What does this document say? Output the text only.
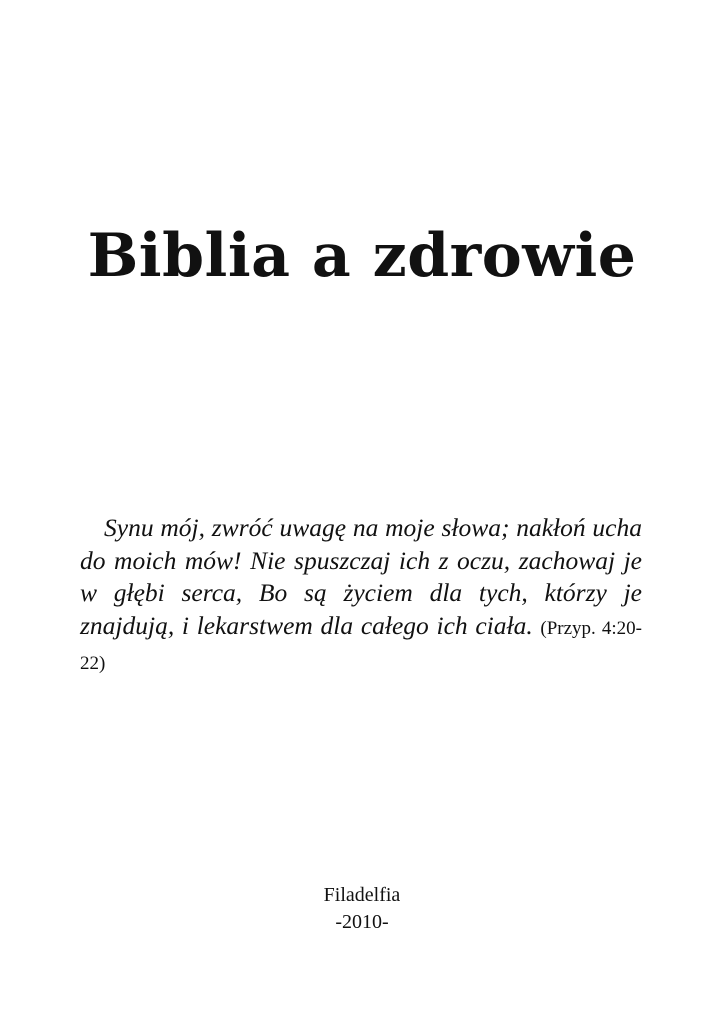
Biblia a zdrowie

Synu mój, zwróć uwagę na moje słowa; nakłoń ucha do moich mów! Nie spuszczaj ich z oczu, zachowaj je w głębi serca, Bo są życiem dla tych, którzy je znajdują, i lekarstwem dla całego ich ciała. (Przyp. 4:20-22)

Filadelfia
-2010-
